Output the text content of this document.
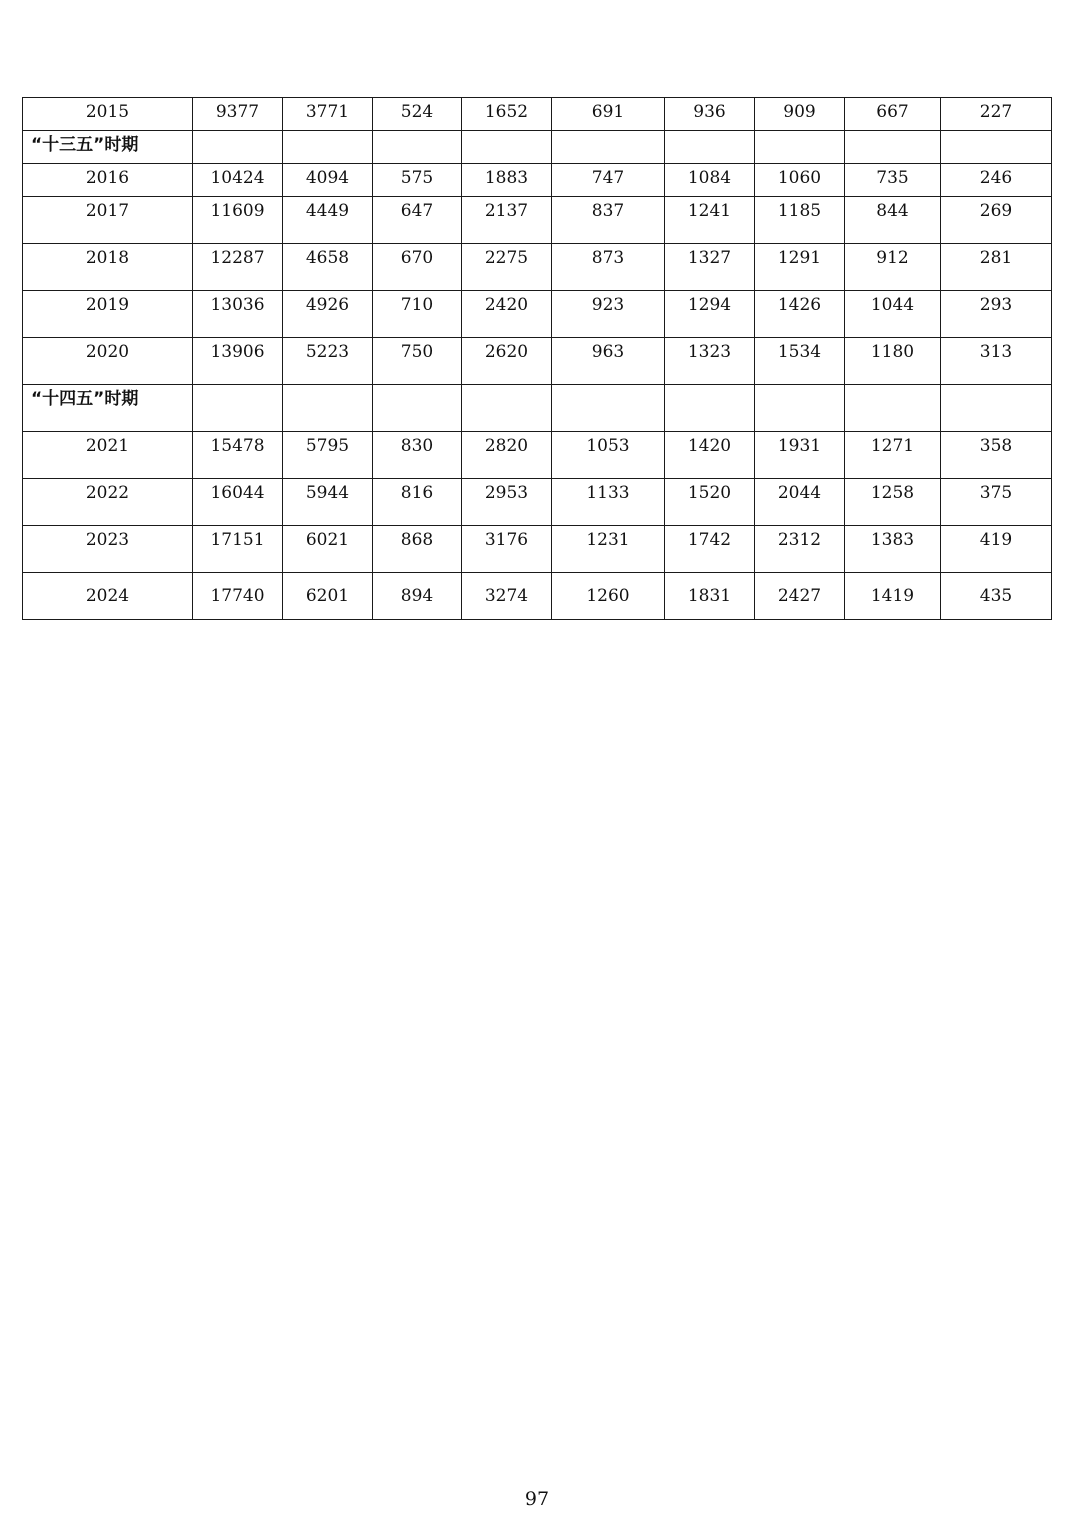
2015	9377	3771	524	1652	691	936	909	667	227
“十三五”时期									
2016	10424	4094	575	1883	747	1084	1060	735	246
2017	11609	4449	647	2137	837	1241	1185	844	269
2018	12287	4658	670	2275	873	1327	1291	912	281
2019	13036	4926	710	2420	923	1294	1426	1044	293
2020	13906	5223	750	2620	963	1323	1534	1180	313
“十四五”时期									
2021	15478	5795	830	2820	1053	1420	1931	1271	358
2022	16044	5944	816	2953	1133	1520	2044	1258	375
2023	17151	6021	868	3176	1231	1742	2312	1383	419
2024	17740	6201	894	3274	1260	1831	2427	1419	435
97
